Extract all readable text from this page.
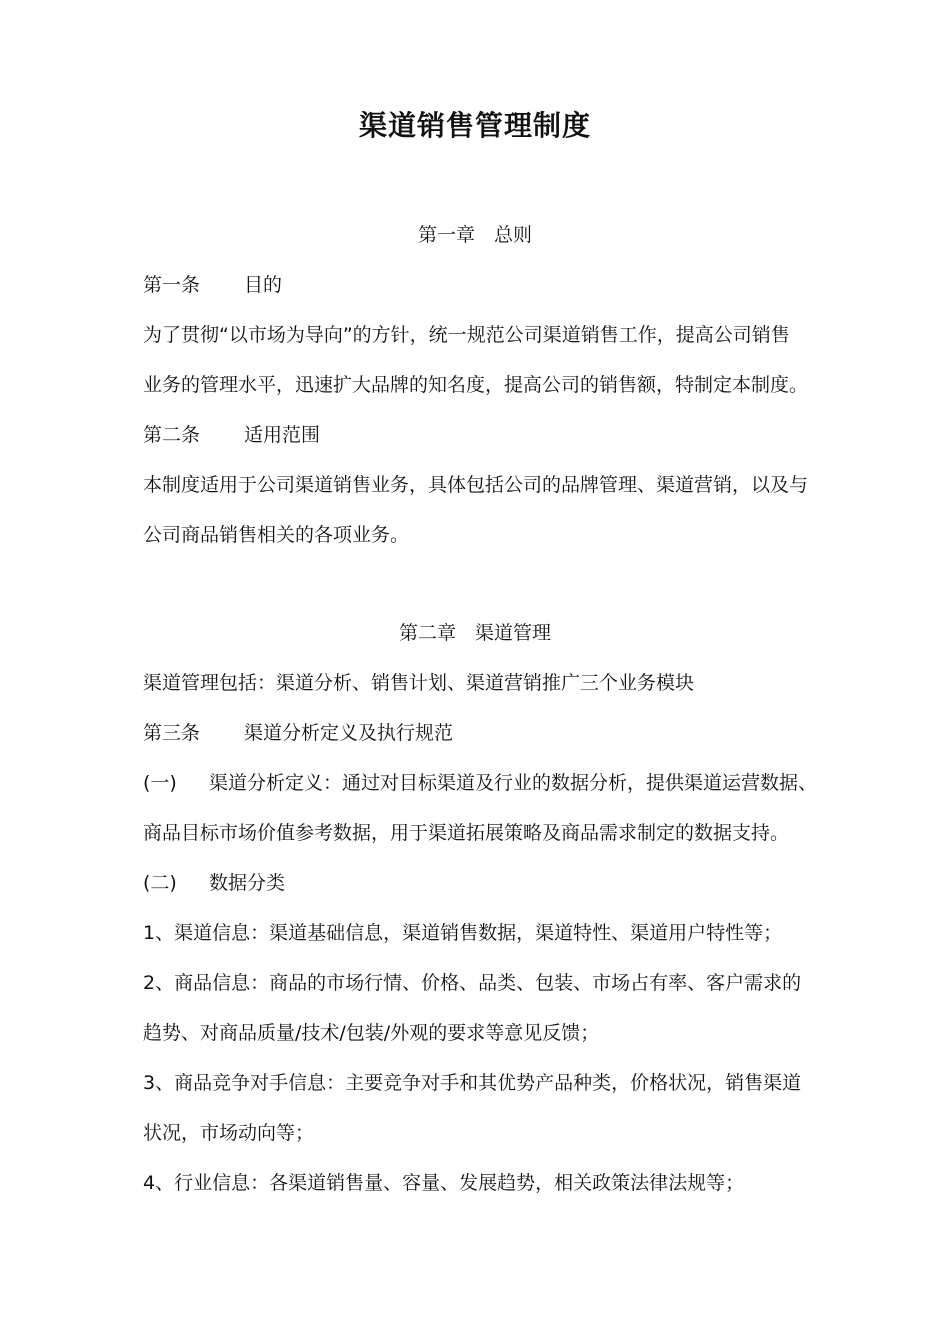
渠道销售管理制度
第一章　总则
第一条 目的
为了贯彻“以市场为导向”的方针，统一规范公司渠道销售工作，提高公司销售
业务的管理水平，迅速扩大品牌的知名度，提高公司的销售额，特制定本制度。
第二条 适用范围
本制度适用于公司渠道销售业务，具体包括公司的品牌管理、渠道营销，以及与
公司商品销售相关的各项业务。
第二章　渠道管理
渠道管理包括：渠道分析、销售计划、渠道营销推广三个业务模块
第三条 渠道分析定义及执行规范
(一) 渠道分析定义：通过对目标渠道及行业的数据分析，提供渠道运营数据、
商品目标市场价值参考数据，用于渠道拓展策略及商品需求制定的数据支持。
(二) 数据分类
1、渠道信息：渠道基础信息，渠道销售数据，渠道特性、渠道用户特性等；
2、商品信息：商品的市场行情、价格、品类、包装、市场占有率、客户需求的
趋势、对商品质量/技术/包装/外观的要求等意见反馈；
3、商品竞争对手信息：主要竞争对手和其优势产品种类，价格状况，销售渠道
状况，市场动向等；
4、行业信息：各渠道销售量、容量、发展趋势，相关政策法律法规等；
